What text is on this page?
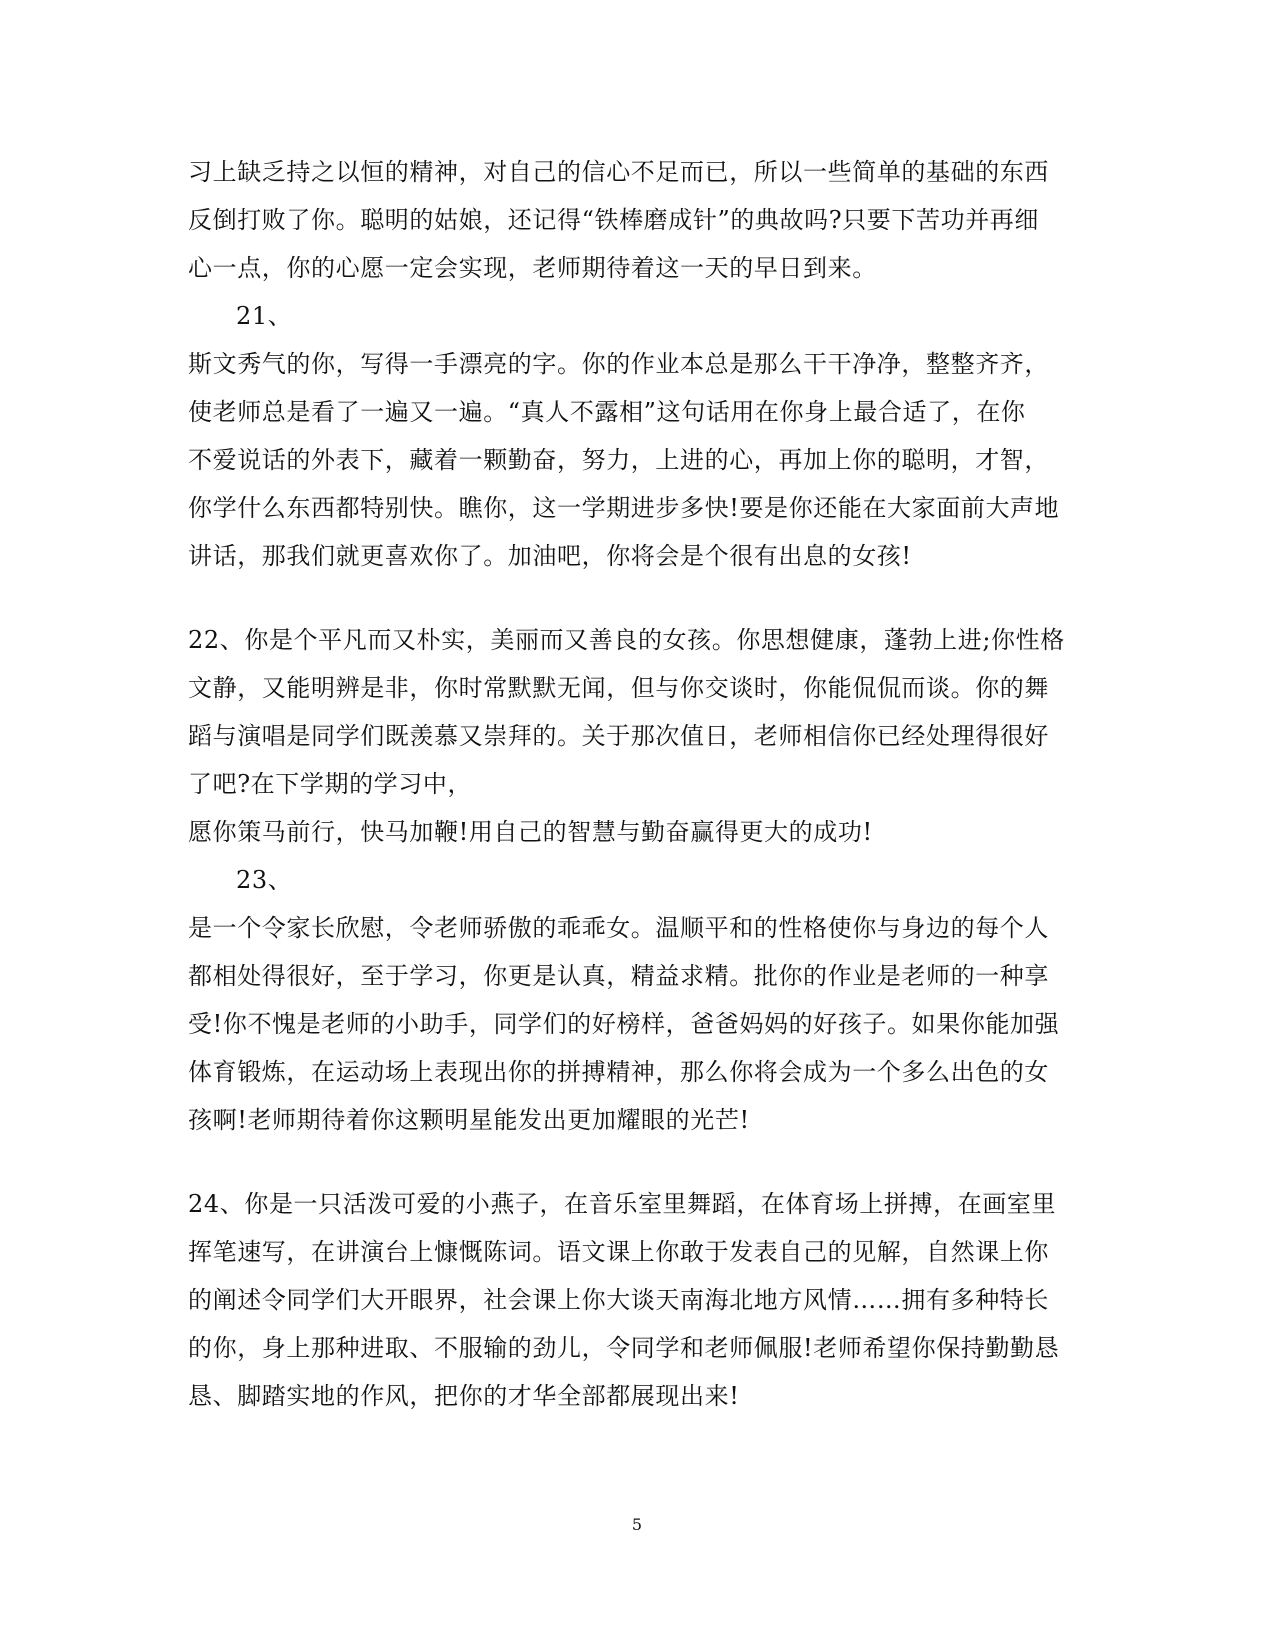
习上缺乏持之以恒的精神，对自己的信心不足而已，所以一些简单的基础的东西
反倒打败了你。聪明的姑娘，还记得“铁棒磨成针”的典故吗?只要下苦功并再细
心一点，你的心愿一定会实现，老师期待着这一天的早日到来。
21、
斯文秀气的你，写得一手漂亮的字。你的作业本总是那么干干净净，整整齐齐，
使老师总是看了一遍又一遍。“真人不露相”这句话用在你身上最合适了，在你
不爱说话的外表下，藏着一颗勤奋，努力，上进的心，再加上你的聪明，才智，
你学什么东西都特别快。瞧你，这一学期进步多快!要是你还能在大家面前大声地
讲话，那我们就更喜欢你了。加油吧，你将会是个很有出息的女孩!
22、你是个平凡而又朴实，美丽而又善良的女孩。你思想健康，蓬勃上进;你性格
文静，又能明辨是非，你时常默默无闻，但与你交谈时，你能侃侃而谈。你的舞
蹈与演唱是同学们既羡慕又崇拜的。关于那次值日，老师相信你已经处理得很好
了吧?在下学期的学习中，
愿你策马前行，快马加鞭!用自己的智慧与勤奋赢得更大的成功!
23、
是一个令家长欣慰，令老师骄傲的乖乖女。温顺平和的性格使你与身边的每个人
都相处得很好，至于学习，你更是认真，精益求精。批你的作业是老师的一种享
受!你不愧是老师的小助手，同学们的好榜样，爸爸妈妈的好孩子。如果你能加强
体育锻炼，在运动场上表现出你的拼搏精神，那么你将会成为一个多么出色的女
孩啊!老师期待着你这颗明星能发出更加耀眼的光芒!
24、你是一只活泼可爱的小燕子，在音乐室里舞蹈，在体育场上拼搏，在画室里
挥笔速写，在讲演台上慷慨陈词。语文课上你敢于发表自己的见解，自然课上你
的阐述令同学们大开眼界，社会课上你大谈天南海北地方风情……拥有多种特长
的你，身上那种进取、不服输的劲儿，令同学和老师佩服!老师希望你保持勤勤恳
恳、脚踏实地的作风，把你的才华全部都展现出来!
5
